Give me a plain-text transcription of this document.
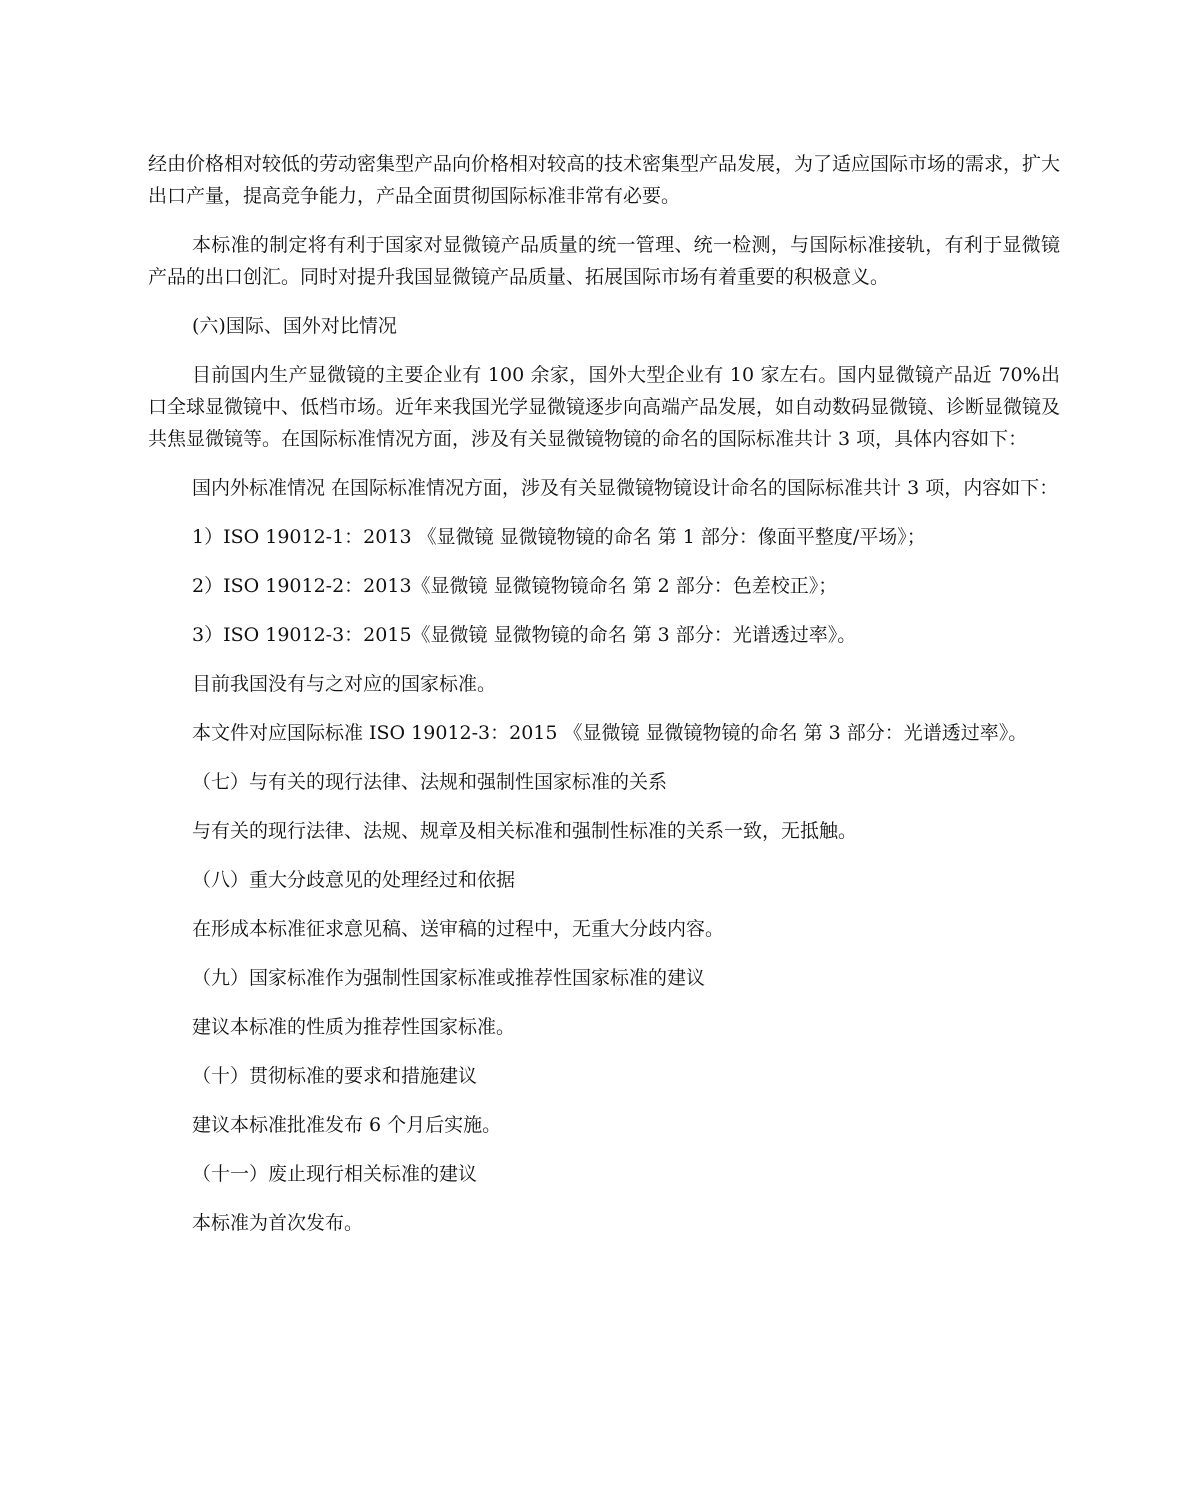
经由价格相对较低的劳动密集型产品向价格相对较高的技术密集型产品发展，为了适应国际市场的需求，扩大出口产量，提高竞争能力，产品全面贯彻国际标准非常有必要。

本标准的制定将有利于国家对显微镜产品质量的统一管理、统一检测，与国际标准接轨，有利于显微镜产品的出口创汇。同时对提升我国显微镜产品质量、拓展国际市场有着重要的积极意义。

(六)国际、国外对比情况

目前国内生产显微镜的主要企业有 100 余家，国外大型企业有 10 家左右。国内显微镜产品近 70%出口全球显微镜中、低档市场。近年来我国光学显微镜逐步向高端产品发展，如自动数码显微镜、诊断显微镜及共焦显微镜等。在国际标准情况方面，涉及有关显微镜物镜的命名的国际标准共计 3 项，具体内容如下：

国内外标准情况 在国际标准情况方面，涉及有关显微镜物镜设计命名的国际标准共计 3 项，内容如下：

1）ISO 19012-1：2013 《显微镜 显微镜物镜的命名 第 1 部分：像面平整度/平场》；

2）ISO 19012-2：2013《显微镜 显微镜物镜命名 第 2 部分：色差校正》；

3）ISO 19012-3：2015《显微镜 显微物镜的命名 第 3 部分：光谱透过率》。

目前我国没有与之对应的国家标准。

本文件对应国际标准 ISO 19012-3：2015 《显微镜 显微镜物镜的命名 第 3 部分：光谱透过率》。

（七）与有关的现行法律、法规和强制性国家标准的关系

与有关的现行法律、法规、规章及相关标准和强制性标准的关系一致，无抵触。

（八）重大分歧意见的处理经过和依据

在形成本标准征求意见稿、送审稿的过程中，无重大分歧内容。

（九）国家标准作为强制性国家标准或推荐性国家标准的建议

建议本标准的性质为推荐性国家标准。

（十）贯彻标准的要求和措施建议

建议本标准批准发布 6 个月后实施。

（十一）废止现行相关标准的建议

本标准为首次发布。
